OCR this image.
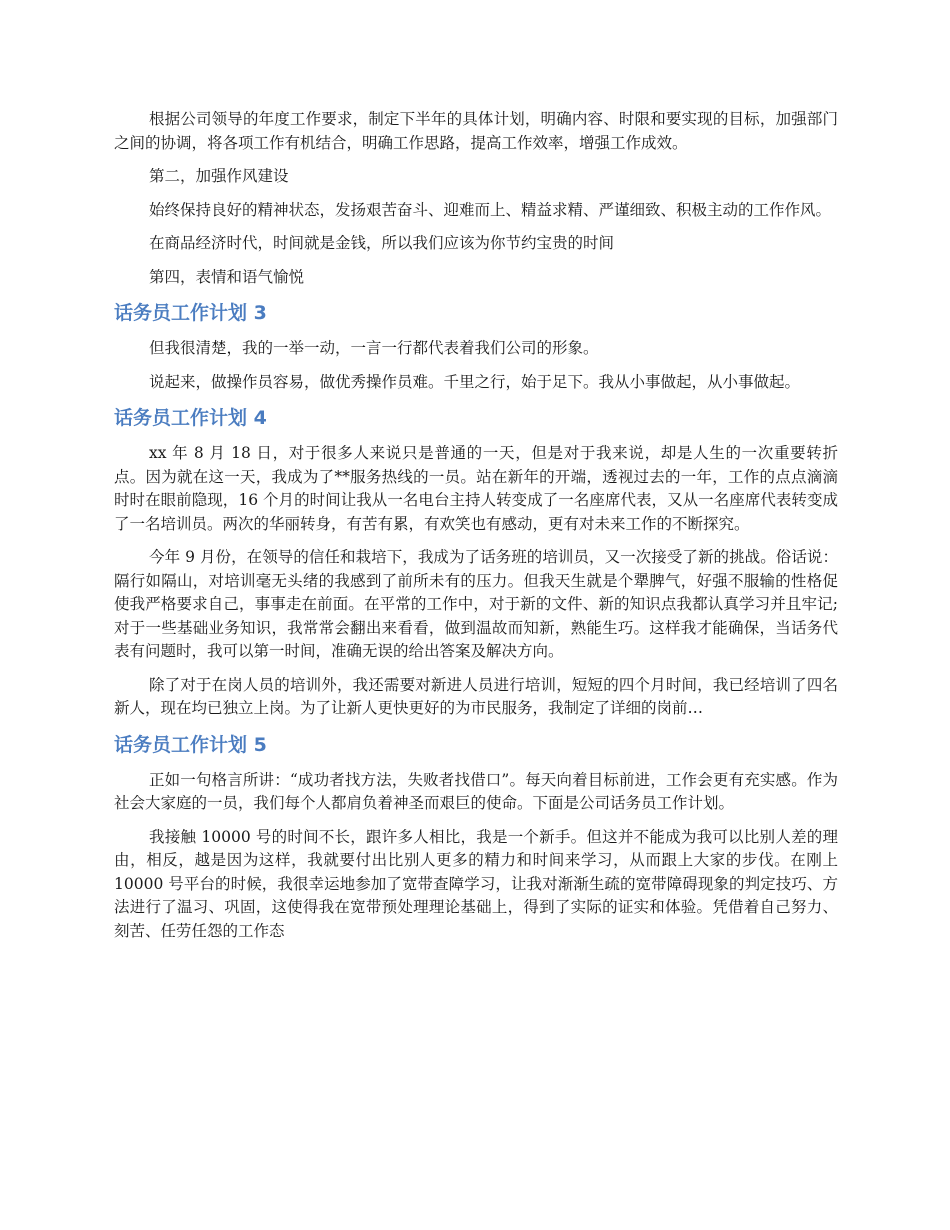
根据公司领导的年度工作要求，制定下半年的具体计划，明确内容、时限和要实现的目标，加强部门之间的协调，将各项工作有机结合，明确工作思路，提高工作效率，增强工作成效。

第二，加强作风建设

始终保持良好的精神状态，发扬艰苦奋斗、迎难而上、精益求精、严谨细致、积极主动的工作作风。

在商品经济时代，时间就是金钱，所以我们应该为你节约宝贵的时间

第四，表情和语气愉悦

话务员工作计划 3

但我很清楚，我的一举一动，一言一行都代表着我们公司的形象。

说起来，做操作员容易，做优秀操作员难。千里之行，始于足下。我从小事做起，从小事做起。

话务员工作计划 4

xx 年 8 月 18 日，对于很多人来说只是普通的一天，但是对于我来说，却是人生的一次重要转折点。因为就在这一天，我成为了**服务热线的一员。站在新年的开端，透视过去的一年，工作的点点滴滴时时在眼前隐现，16 个月的时间让我从一名电台主持人转变成了一名座席代表，又从一名座席代表转变成了一名培训员。两次的华丽转身，有苦有累，有欢笑也有感动，更有对未来工作的不断探究。

今年 9 月份，在领导的信任和栽培下，我成为了话务班的培训员，又一次接受了新的挑战。俗话说：隔行如隔山，对培训毫无头绪的我感到了前所未有的压力。但我天生就是个犟脾气，好强不服输的性格促使我严格要求自己，事事走在前面。在平常的工作中，对于新的文件、新的知识点我都认真学习并且牢记;对于一些基础业务知识，我常常会翻出来看看，做到温故而知新，熟能生巧。这样我才能确保，当话务代表有问题时，我可以第一时间，准确无误的给出答案及解决方向。

除了对于在岗人员的培训外，我还需要对新进人员进行培训，短短的四个月时间，我已经培训了四名新人，现在均已独立上岗。为了让新人更快更好的为市民服务，我制定了详细的岗前…

话务员工作计划 5

正如一句格言所讲：“成功者找方法，失败者找借口”。每天向着目标前进，工作会更有充实感。作为社会大家庭的一员，我们每个人都肩负着神圣而艰巨的使命。下面是公司话务员工作计划。

我接触 10000 号的时间不长，跟许多人相比，我是一个新手。但这并不能成为我可以比别人差的理由，相反，越是因为这样，我就要付出比别人更多的精力和时间来学习，从而跟上大家的步伐。在刚上 10000 号平台的时候，我很幸运地参加了宽带查障学习，让我对渐渐生疏的宽带障碍现象的判定技巧、方法进行了温习、巩固，这使得我在宽带预处理理论基础上，得到了实际的证实和体验。凭借着自己努力、刻苦、任劳任怨的工作态
